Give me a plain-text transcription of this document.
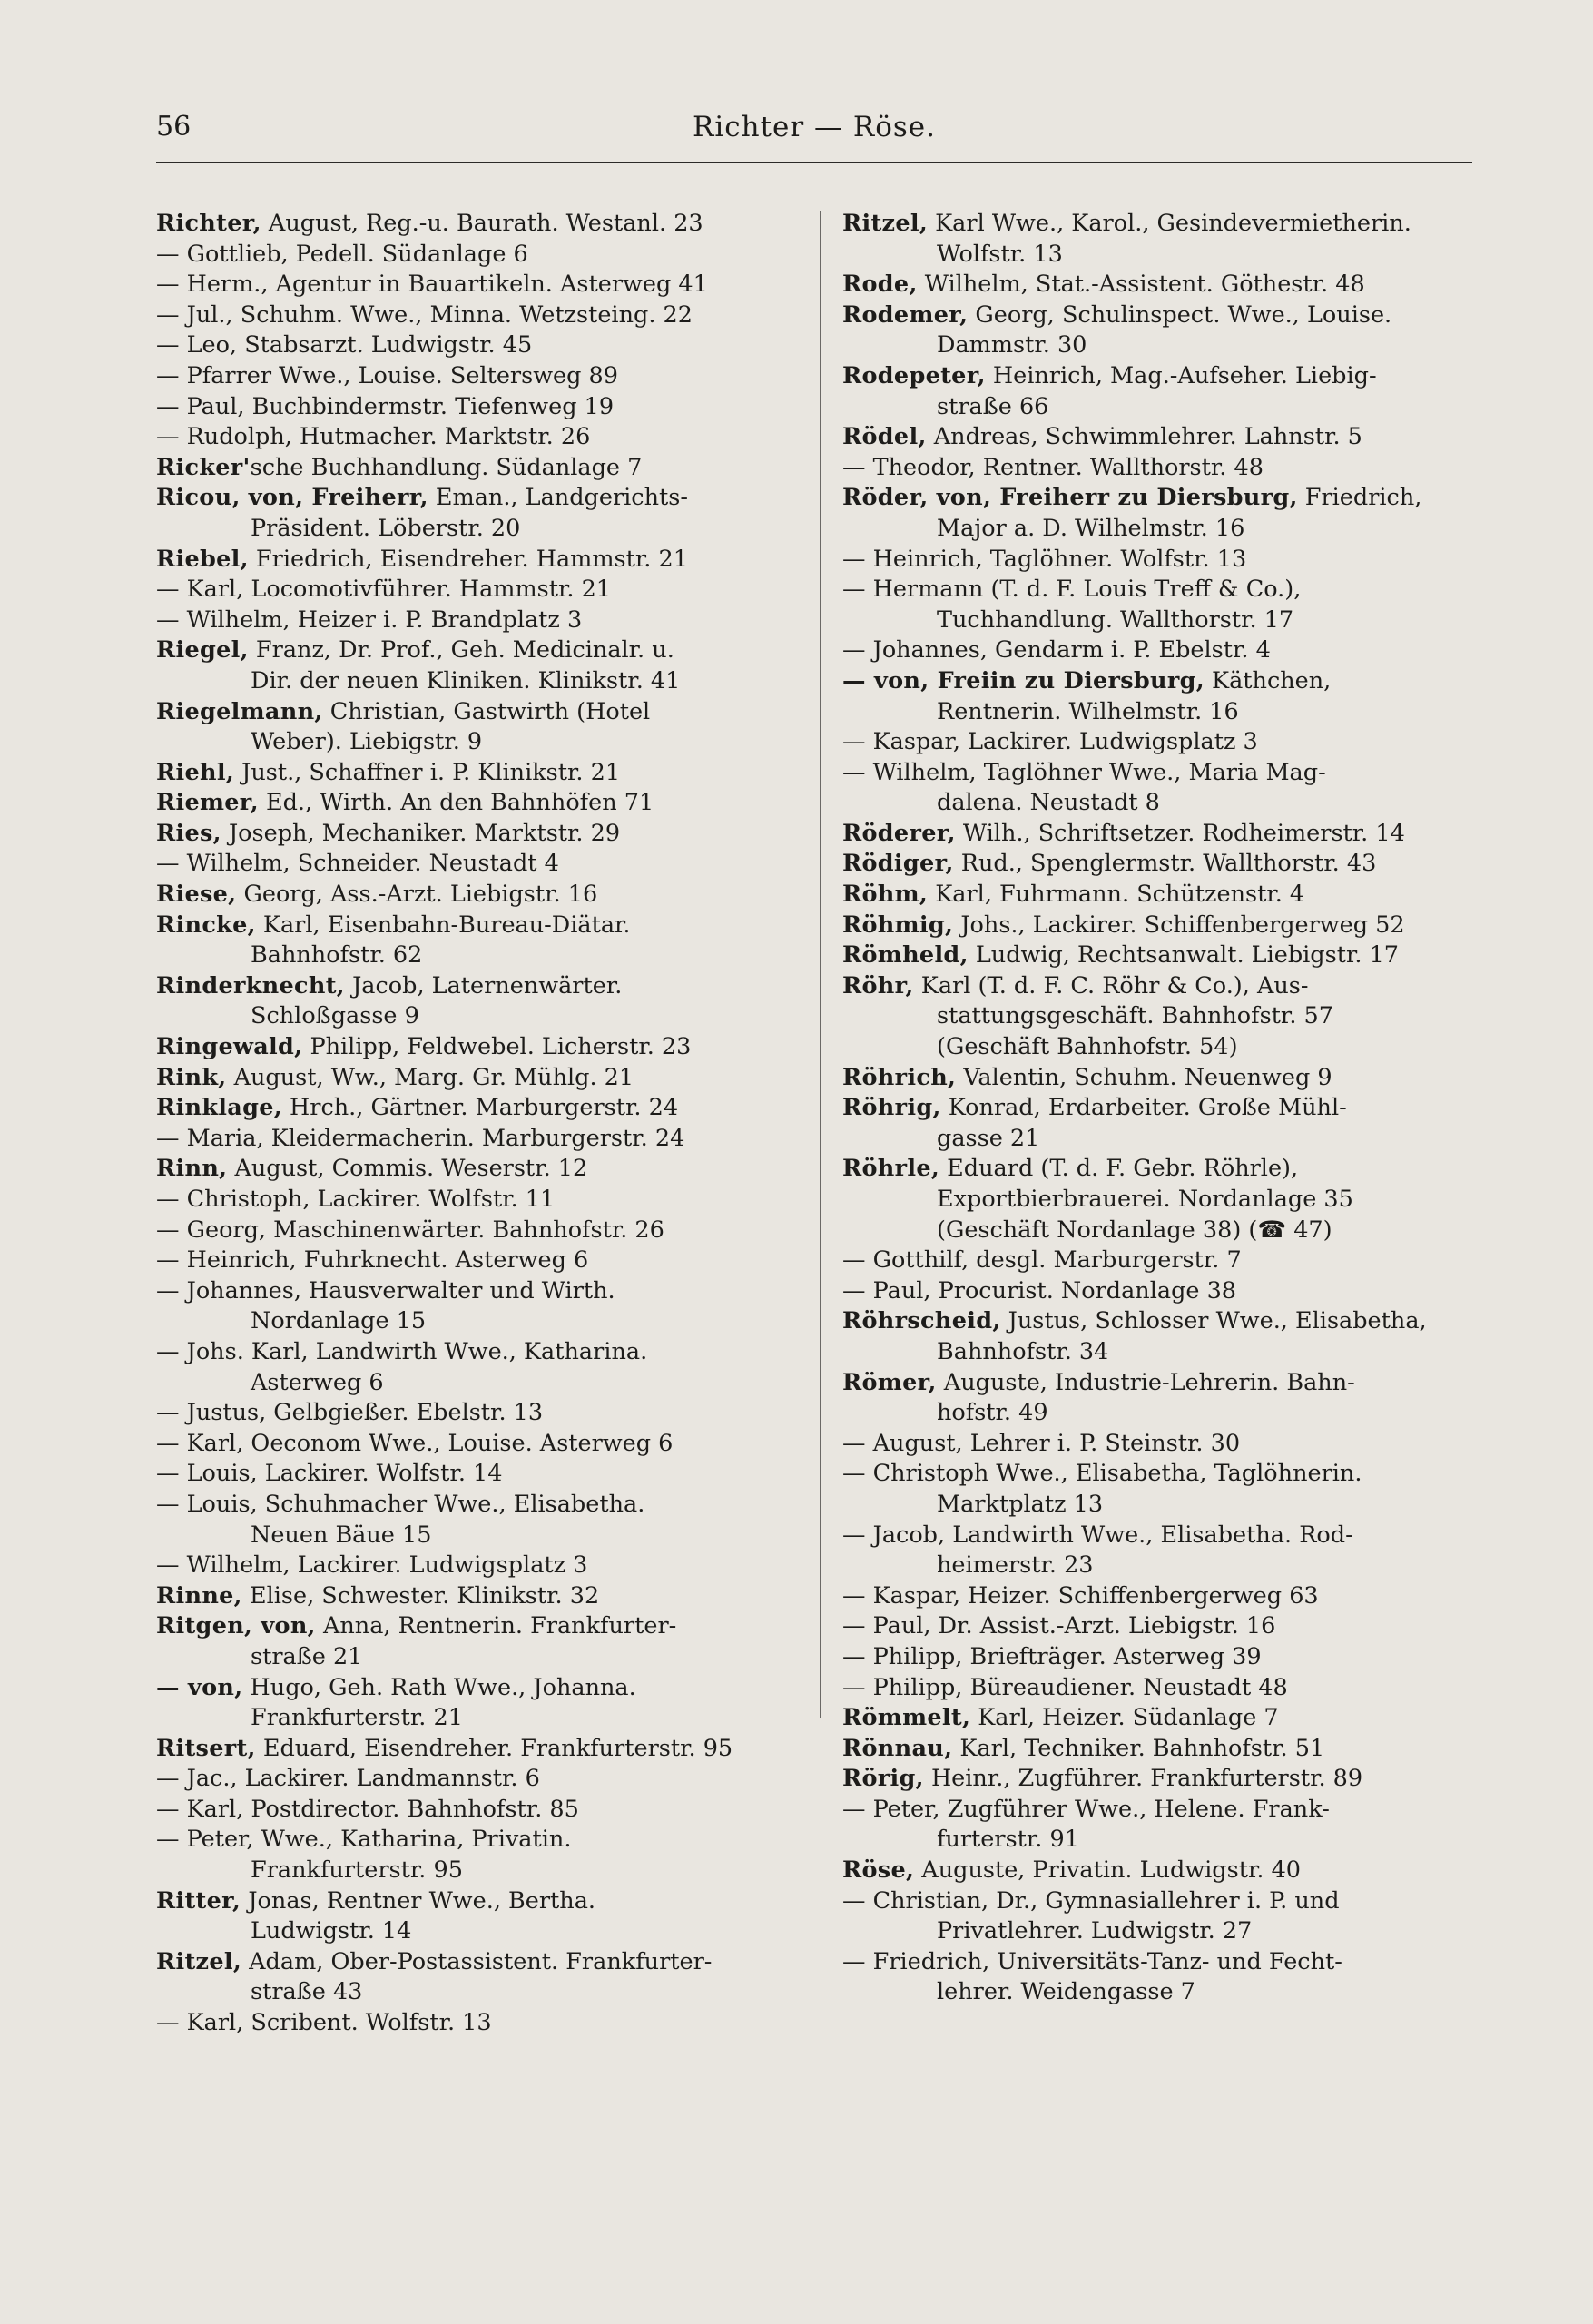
56	Richter — Röse.
Richter, August, Reg.-u. Baurath. Westanl. 23
— Gottlieb, Pedell. Südanlage 6
— Herm., Agentur in Bauartikeln. Asterweg 41
— Jul., Schuhm. Wwe., Minna. Wetzsteing. 22
— Leo, Stabsarzt. Ludwigstr. 45
— Pfarrer Wwe., Louise. Seltersweg 89
— Paul, Buchbindermstr. Tiefenweg 19
— Rudolph, Hutmacher. Marktstr. 26
Ricker'sche Buchhandlung. Südanlage 7
Ricou, von, Freiherr, Eman., Landgerichts-
Präsident. Löberstr. 20
Riebel, Friedrich, Eisendreher. Hammstr. 21
— Karl, Locomotivführer. Hammstr. 21
— Wilhelm, Heizer i. P. Brandplatz 3
Riegel, Franz, Dr. Prof., Geh. Medicinalr. u.
Dir. der neuen Kliniken. Klinikstr. 41
Riegelmann, Christian, Gastwirth (Hotel
Weber). Liebigstr. 9
Riehl, Just., Schaffner i. P. Klinikstr. 21
Riemer, Ed., Wirth. An den Bahnhöfen 71
Ries, Joseph, Mechaniker. Marktstr. 29
— Wilhelm, Schneider. Neustadt 4
Riese, Georg, Ass.-Arzt. Liebigstr. 16
Rincke, Karl, Eisenbahn-Bureau-Diätar.
Bahnhofstr. 62
Rinderknecht, Jacob, Laternenwärter.
Schloßgasse 9
Ringewald, Philipp, Feldwebel. Licherstr. 23
Rink, August, Ww., Marg. Gr. Mühlg. 21
Rinklage, Hrch., Gärtner. Marburgerstr. 24
— Maria, Kleidermacherin. Marburgerstr. 24
Rinn, August, Commis. Weserstr. 12
— Christoph, Lackirer. Wolfstr. 11
— Georg, Maschinenwärter. Bahnhofstr. 26
— Heinrich, Fuhrknecht. Asterweg 6
— Johannes, Hausverwalter und Wirth.
Nordanlage 15
— Johs. Karl, Landwirth Wwe., Katharina.
Asterweg 6
— Justus, Gelbgießer. Ebelstr. 13
— Karl, Oeconom Wwe., Louise. Asterweg 6
— Louis, Lackirer. Wolfstr. 14
— Louis, Schuhmacher Wwe., Elisabetha.
Neuen Bäue 15
— Wilhelm, Lackirer. Ludwigsplatz 3
Rinne, Elise, Schwester. Klinikstr. 32
Ritgen, von, Anna, Rentnerin. Frankfurter-
straße 21
— von, Hugo, Geh. Rath Wwe., Johanna.
Frankfurterstr. 21
Ritsert, Eduard, Eisendreher. Frankfurterstr. 95
— Jac., Lackirer. Landmannstr. 6
— Karl, Postdirector. Bahnhofstr. 85
— Peter, Wwe., Katharina, Privatin.
Frankfurterstr. 95
Ritter, Jonas, Rentner Wwe., Bertha.
Ludwigstr. 14
Ritzel, Adam, Ober-Postassistent. Frankfurter-
straße 43
— Karl, Scribent. Wolfstr. 13
Ritzel, Karl Wwe., Karol., Gesindevermietherin.
Wolfstr. 13
Rode, Wilhelm, Stat.-Assistent. Göthestr. 48
Rodemer, Georg, Schulinspect. Wwe., Louise.
Dammstr. 30
Rodepeter, Heinrich, Mag.-Aufseher. Liebig-
straße 66
Rödel, Andreas, Schwimmlehrer. Lahnstr. 5
— Theodor, Rentner. Wallthorstr. 48
Röder, von, Freiherr zu Diersburg, Friedrich,
Major a. D. Wilhelmstr. 16
— Heinrich, Taglöhner. Wolfstr. 13
— Hermann (T. d. F. Louis Treff & Co.),
Tuchhandlung. Wallthorstr. 17
— Johannes, Gendarm i. P. Ebelstr. 4
— von, Freiin zu Diersburg, Käthchen,
Rentnerin. Wilhelmstr. 16
— Kaspar, Lackirer. Ludwigsplatz 3
— Wilhelm, Taglöhner Wwe., Maria Mag-
dalena. Neustadt 8
Röderer, Wilh., Schriftsetzer. Rodheimerstr. 14
Rödiger, Rud., Spenglermstr. Wallthorstr. 43
Röhm, Karl, Fuhrmann. Schützenstr. 4
Röhmig, Johs., Lackirer. Schiffenbergerweg 52
Römheld, Ludwig, Rechtsanwalt. Liebigstr. 17
Röhr, Karl (T. d. F. C. Röhr & Co.), Aus-
stattungsgeschäft. Bahnhofstr. 57
(Geschäft Bahnhofstr. 54)
Röhrich, Valentin, Schuhm. Neuenweg 9
Röhrig, Konrad, Erdarbeiter. Große Mühl-
gasse 21
Röhrle, Eduard (T. d. F. Gebr. Röhrle),
Exportbierbrauerei. Nordanlage 35
(Geschäft Nordanlage 38) (☎ 47)
— Gotthilf, desgl. Marburgerstr. 7
— Paul, Procurist. Nordanlage 38
Röhrscheid, Justus, Schlosser Wwe., Elisabetha,
Bahnhofstr. 34
Römer, Auguste, Industrie-Lehrerin. Bahn-
hofstr. 49
— August, Lehrer i. P. Steinstr. 30
— Christoph Wwe., Elisabetha, Taglöhnerin.
Marktplatz 13
— Jacob, Landwirth Wwe., Elisabetha. Rod-
heimerstr. 23
— Kaspar, Heizer. Schiffenbergerweg 63
— Paul, Dr. Assist.-Arzt. Liebigstr. 16
— Philipp, Briefträger. Asterweg 39
— Philipp, Büreaudiener. Neustadt 48
Römmelt, Karl, Heizer. Südanlage 7
Rönnau, Karl, Techniker. Bahnhofstr. 51
Rörig, Heinr., Zugführer. Frankfurterstr. 89
— Peter, Zugführer Wwe., Helene. Frank-
furterstr. 91
Röse, Auguste, Privatin. Ludwigstr. 40
— Christian, Dr., Gymnasiallehrer i. P. und
Privatlehrer. Ludwigstr. 27
— Friedrich, Universitäts-Tanz- und Fecht-
lehrer. Weidengasse 7
